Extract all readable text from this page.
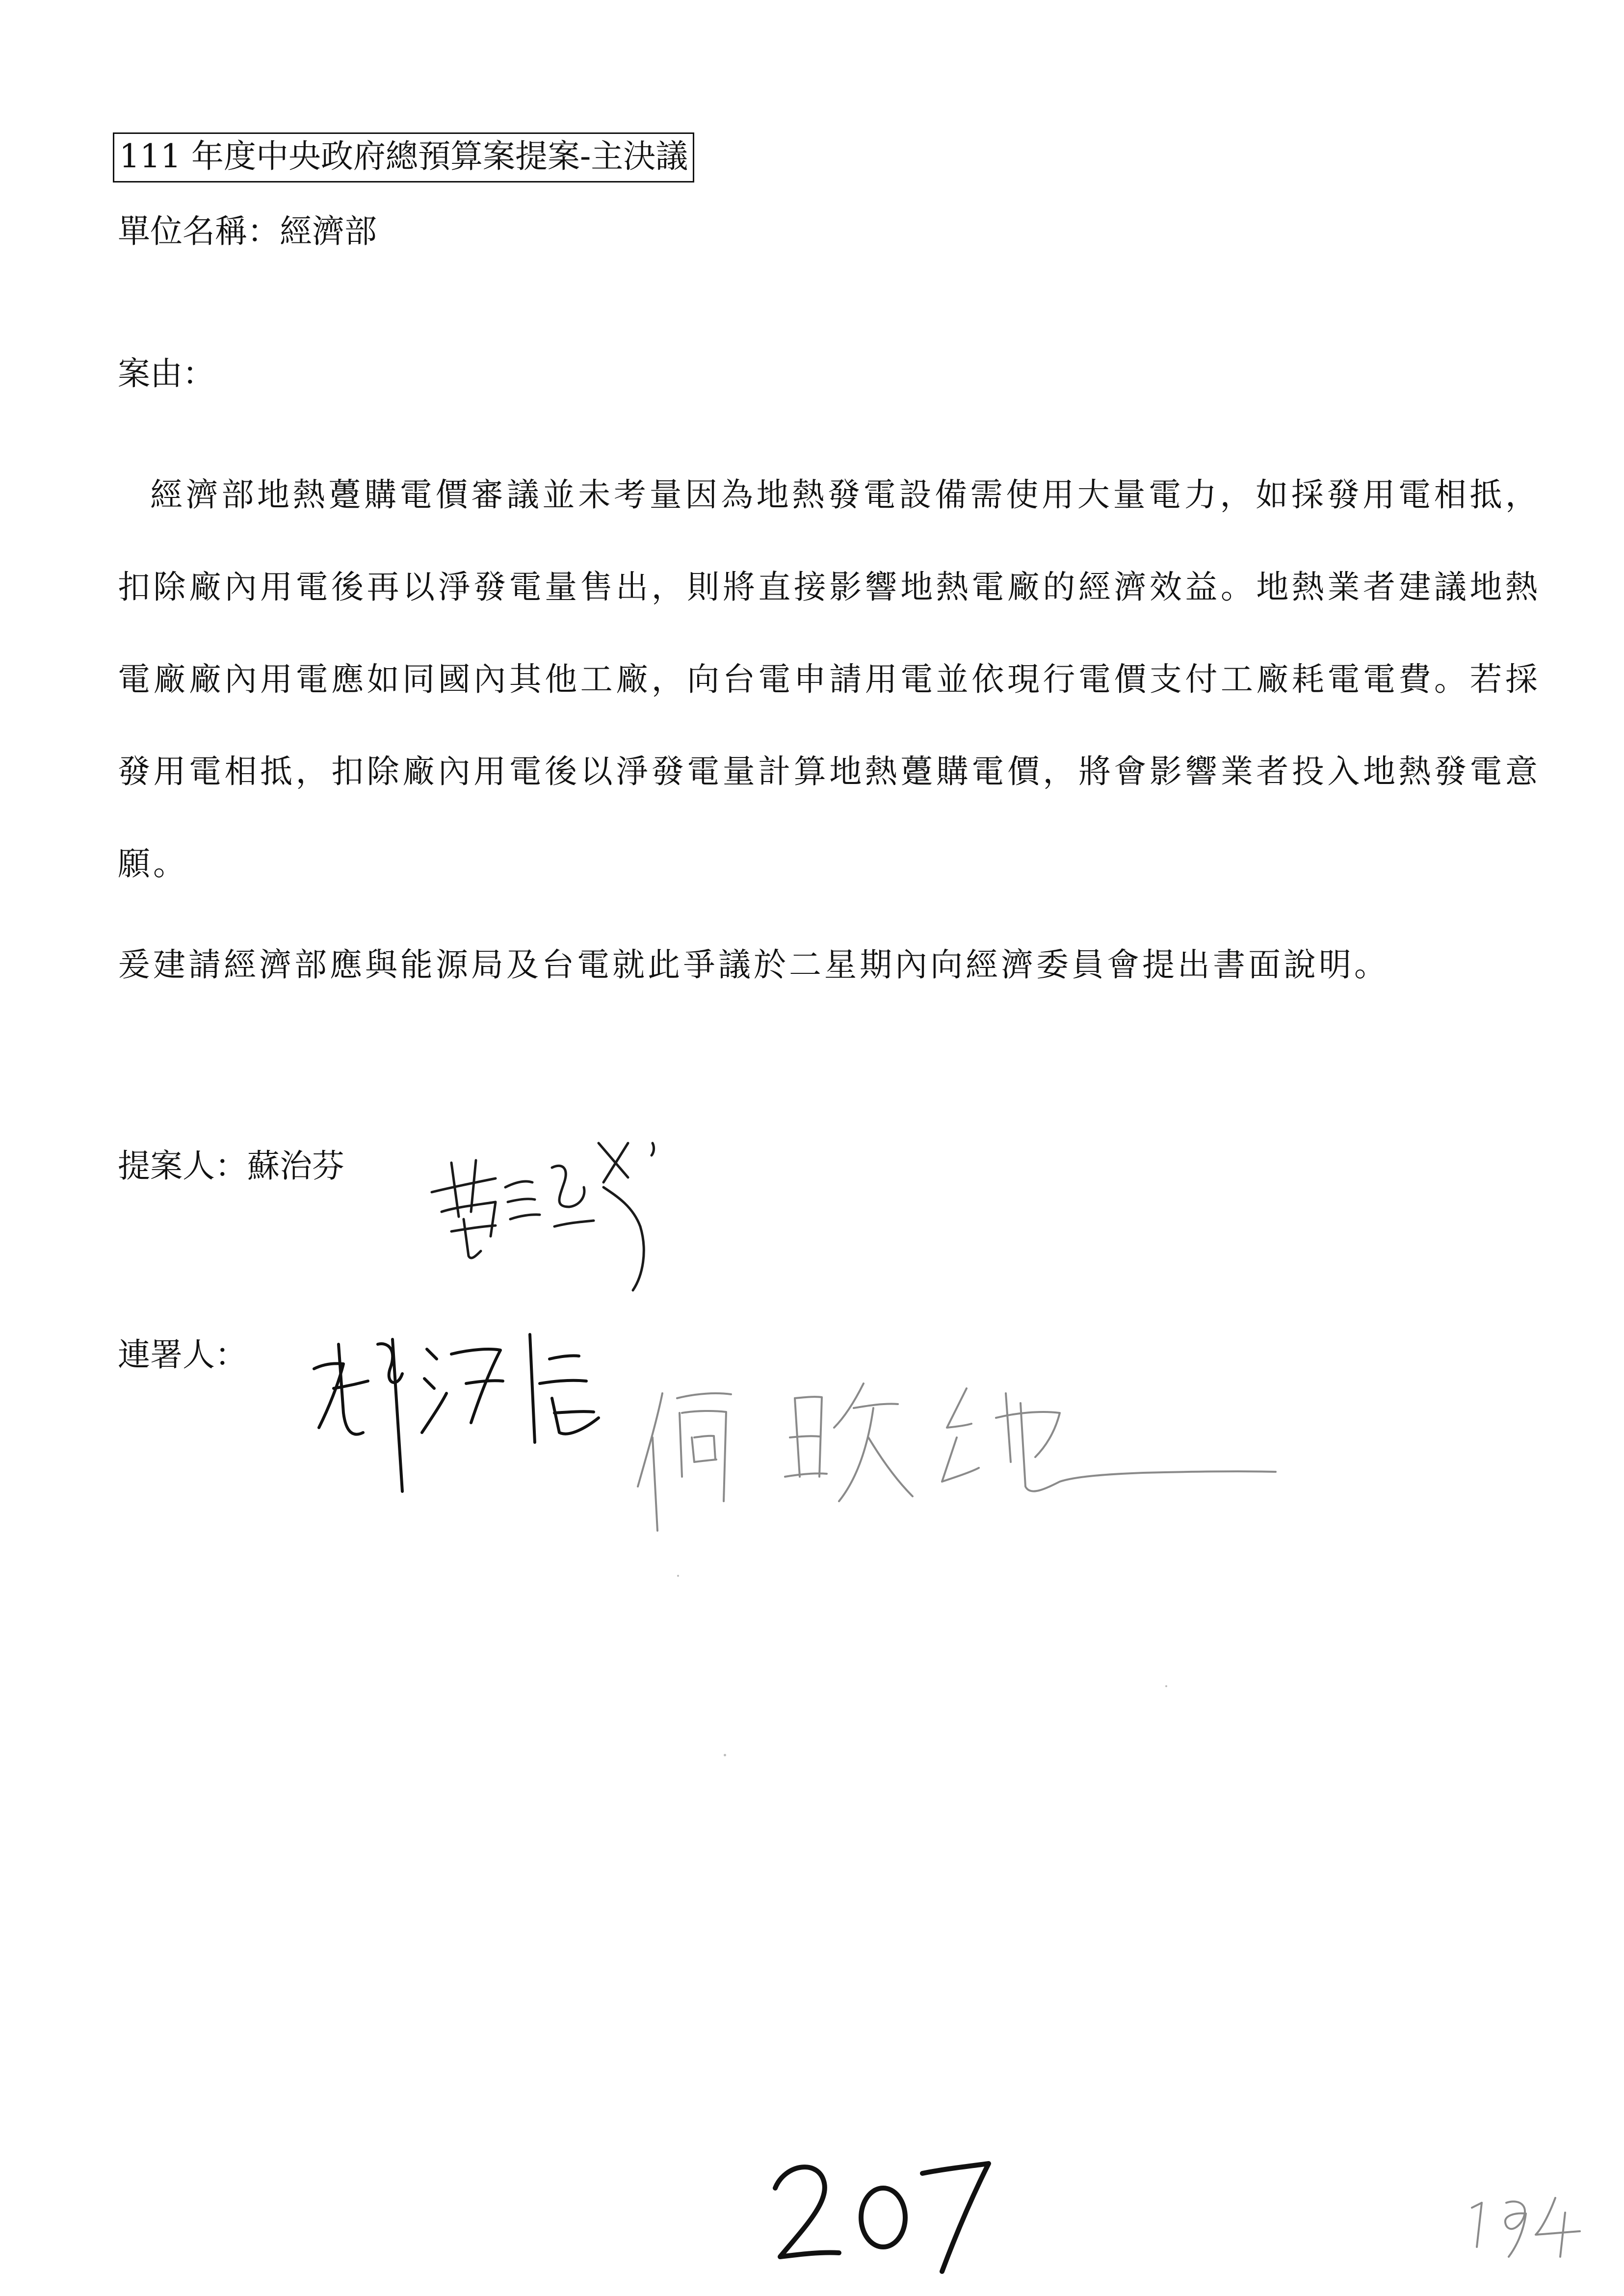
111 年度中央政府總預算案提案-主決議
單位名稱：經濟部
案由：
經濟部地熱躉購電價審議並未考量因為地熱發電設備需使用大量電力，如採發用電相抵，扣除廠內用電後再以淨發電量售出，則將直接影響地熱電廠的經濟效益。地熱業者建議地熱電廠廠內用電應如同國內其他工廠，向台電申請用電並依現行電價支付工廠耗電電費。若採發用電相抵，扣除廠內用電後以淨發電量計算地熱躉購電價，將會影響業者投入地熱發電意願。
爰建請經濟部應與能源局及台電就此爭議於二星期內向經濟委員會提出書面說明。
提案人：蘇治芬
連署人：
207
194
